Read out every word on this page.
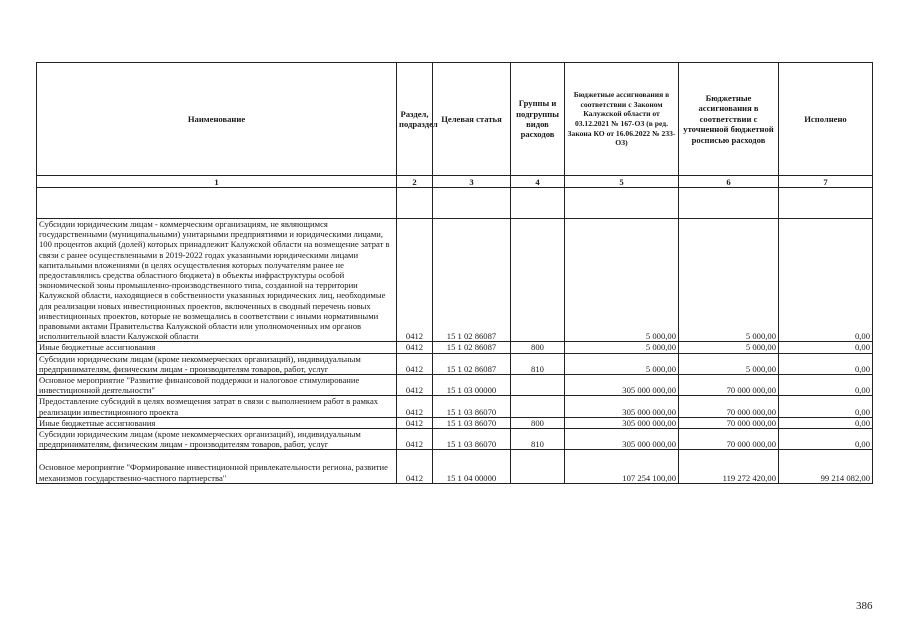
Наименование	Раздел, подраздел	Целевая статья	Группы и подгруппы видов расходов	Бюджетные ассигнования в соответствии с Законом Калужской области от 03.12.2021 № 167-ОЗ (в ред. Закона КО от 16.06.2022 № 233-ОЗ)	Бюджетные ассигнования в соответствии с уточненной бюджетной росписью расходов	Исполнено
1	2	3	4	5	6	7

Субсидии юридическим лицам - коммерческим организациям, не являющимся государственными (муниципальными) унитарными предприятиями и юридическими лицами, 100 процентов акций (долей) которых принадлежит Калужской области на возмещение затрат в связи с ранее осуществленными в 2019-2022 годах указанными юридическими лицами капитальными вложениями (в целях осуществления которых получателям ранее не предоставлялись средства областного бюджета) в объекты инфраструктуры особой экономической зоны промышленно-производственного типа, созданной на территории Калужской области, находящиеся в собственности указанных юридических лиц, необходимые для реализации новых инвестиционных проектов, включенных в сводный перечень новых инвестиционных проектов, которые не возмещались в соответствии с иными нормативными правовыми актами Правительства Калужской области или уполномоченных им органов исполнительной власти Калужской области	0412	15 1 02 86087		5 000,00	5 000,00	0,00
Иные бюджетные ассигнования	0412	15 1 02 86087	800	5 000,00	5 000,00	0,00
Субсидии юридическим лицам (кроме некоммерческих организаций), индивидуальным предпринимателям, физическим лицам - производителям товаров, работ, услуг	0412	15 1 02 86087	810	5 000,00	5 000,00	0,00
Основное мероприятие "Развитие финансовой поддержки и налоговое стимулирование инвестиционной деятельности"	0412	15 1 03 00000		305 000 000,00	70 000 000,00	0,00
Предоставление субсидий в целях возмещения затрат в связи с выполнением работ в рамках реализации инвестиционного проекта	0412	15 1 03 86070		305 000 000,00	70 000 000,00	0,00
Иные бюджетные ассигнования	0412	15 1 03 86070	800	305 000 000,00	70 000 000,00	0,00
Субсидии юридическим лицам (кроме некоммерческих организаций), индивидуальным предпринимателям, физическим лицам - производителям товаров, работ, услуг	0412	15 1 03 86070	810	305 000 000,00	70 000 000,00	0,00
Основное мероприятие "Формирование инвестиционной привлекательности региона, развитие механизмов государственно-частного партнерства"	0412	15 1 04 00000		107 254 100,00	119 272 420,00	99 214 082,00
386
